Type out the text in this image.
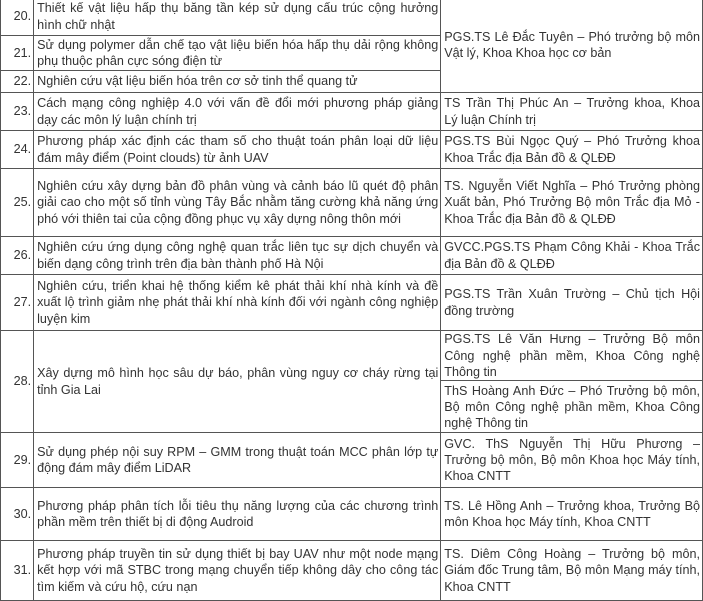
20.	Thiết kế vật liệu hấp thụ băng tần kép sử dụng cấu trúc cộng hưởng hình chữ nhật	PGS.TS Lê Đắc Tuyên – Phó trưởng bộ môn Vật lý, Khoa Khoa học cơ bản
21.	Sử dụng polymer dẫn chế tạo vật liệu biến hóa hấp thụ dải rộng không phụ thuộc phân cực sóng điện từ	
22.	Nghiên cứu vật liệu biến hóa trên cơ sở tinh thể quang tử	
23.	Cách mạng công nghiệp 4.0 với vấn đề đổi mới phương pháp giảng dạy các môn lý luận chính trị	TS Trần Thị Phúc An – Trưởng khoa, Khoa Lý luận Chính trị
24.	Phương pháp xác định các tham số cho thuật toán phân loại dữ liệu đám mây điểm (Point clouds) từ ảnh UAV	PGS.TS Bùi Ngọc Quý – Phó Trưởng khoa Khoa Trắc địa Bản đồ & QLĐĐ
25.	Nghiên cứu xây dựng bản đồ phân vùng và cảnh báo lũ quét độ phân giải cao cho một số tỉnh vùng Tây Bắc nhằm tăng cường khả năng ứng phó với thiên tai của cộng đồng phục vụ xây dựng nông thôn mới	TS. Nguyễn Viết Nghĩa – Phó Trưởng phòng Xuất bản, Phó Trưởng Bộ môn Trắc địa Mỏ - Khoa Trắc địa Bản đồ & QLĐĐ
26.	Nghiên cứu ứng dụng công nghệ quan trắc liên tục sự dịch chuyển và biến dạng công trình trên địa bàn thành phố Hà Nội	GVCC.PGS.TS Phạm Công Khải - Khoa Trắc địa Bản đồ & QLĐĐ
27.	Nghiên cứu, triển khai hệ thống kiểm kê phát thải khí nhà kính và đề xuất lộ trình giảm nhẹ phát thải khí nhà kính đối với ngành công nghiệp luyện kim	PGS.TS Trần Xuân Trường – Chủ tịch Hội đồng trường
28.	Xây dựng mô hình học sâu dự báo, phân vùng nguy cơ cháy rừng tại tỉnh Gia Lai	PGS.TS Lê Văn Hưng – Trưởng Bộ môn Công nghệ phần mềm, Khoa Công nghệ Thông tin
ThS Hoàng Anh Đức – Phó Trưởng bộ môn, Bộ môn Công nghệ phần mềm, Khoa Công nghệ Thông tin

29.	Sử dụng phép nội suy RPM – GMM trong thuật toán MCC phân lớp tự động đám mây điểm LiDAR	GVC. ThS Nguyễn Thị Hữu Phương – Trưởng bộ môn, Bộ môn Khoa học Máy tính, Khoa CNTT
30.	Phương pháp phân tích lỗi tiêu thụ năng lượng của các chương trình phần mềm trên thiết bị di động Audroid	TS. Lê Hồng Anh – Trưởng khoa, Trưởng Bộ môn Khoa học Máy tính, Khoa CNTT
31.	Phương pháp truyền tin sử dụng thiết bị bay UAV như một node mạng kết hợp với mã STBC trong mạng chuyển tiếp không dây cho công tác tìm kiếm và cứu hộ, cứu nạn	TS. Diêm Công Hoàng – Trưởng bộ môn, Giám đốc Trung tâm, Bộ môn Mạng máy tính, Khoa CNTT
